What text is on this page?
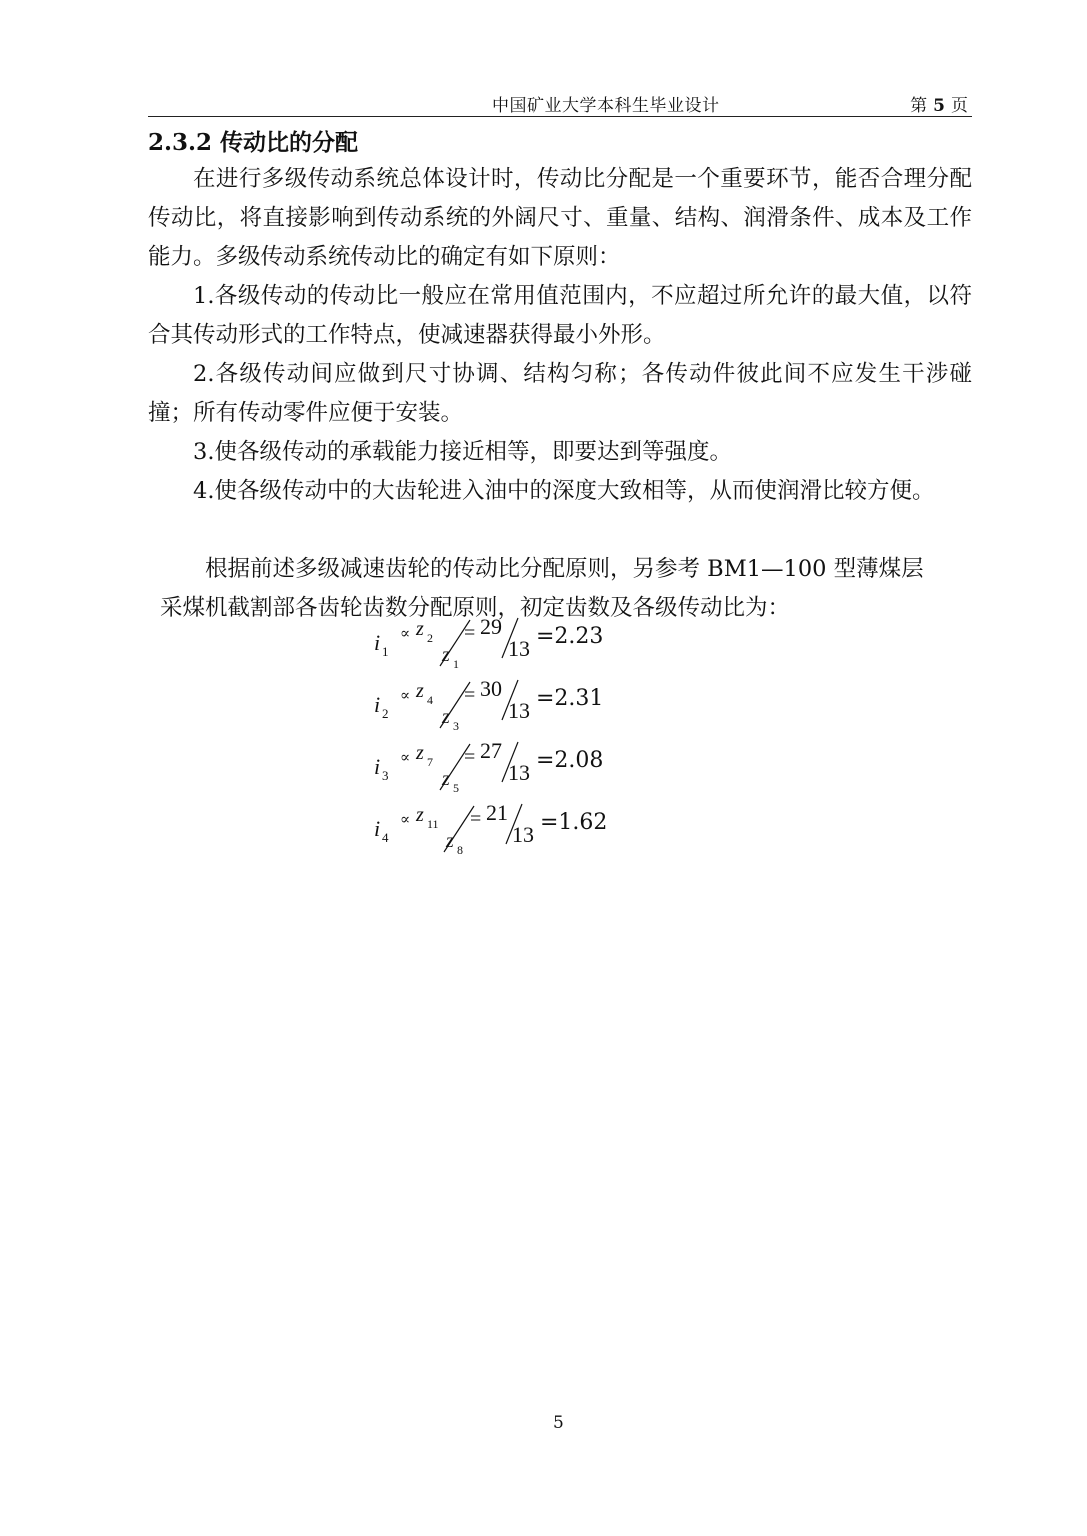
中国矿业大学本科生毕业设计	第 5 页
2.3.2 传动比的分配
在进行多级传动系统总体设计时，传动比分配是一个重要环节，能否合理分配传动比，将直接影响到传动系统的外阔尺寸、重量、结构、润滑条件、成本及工作能力。多级传动系统传动比的确定有如下原则：
1.各级传动的传动比一般应在常用值范围内，不应超过所允许的最大值，以符合其传动形式的工作特点，使减速器获得最小外形。
2.各级传动间应做到尺寸协调、结构匀称；各传动件彼此间不应发生干涉碰撞；所有传动零件应便于安装。
3.使各级传动的承载能力接近相等，即要达到等强度。
4.使各级传动中的大齿轮进入油中的深度大致相等，从而使润滑比较方便。
根据前述多级减速齿轮的传动比分配原则，另参考 BM1—100 型薄煤层
采煤机截割部各齿轮齿数分配原则，初定齿数及各级传动比为：
i 1
∝ z 2
z 1
= 29
13 =2.23
i 2
∝ z 4
z 3
= 30
13 =2.31
i 3
∝ z 7
z 5
= 27
13 =2.08
i 4
∝ z 11
z 8
= 21
13 =1.62
5
